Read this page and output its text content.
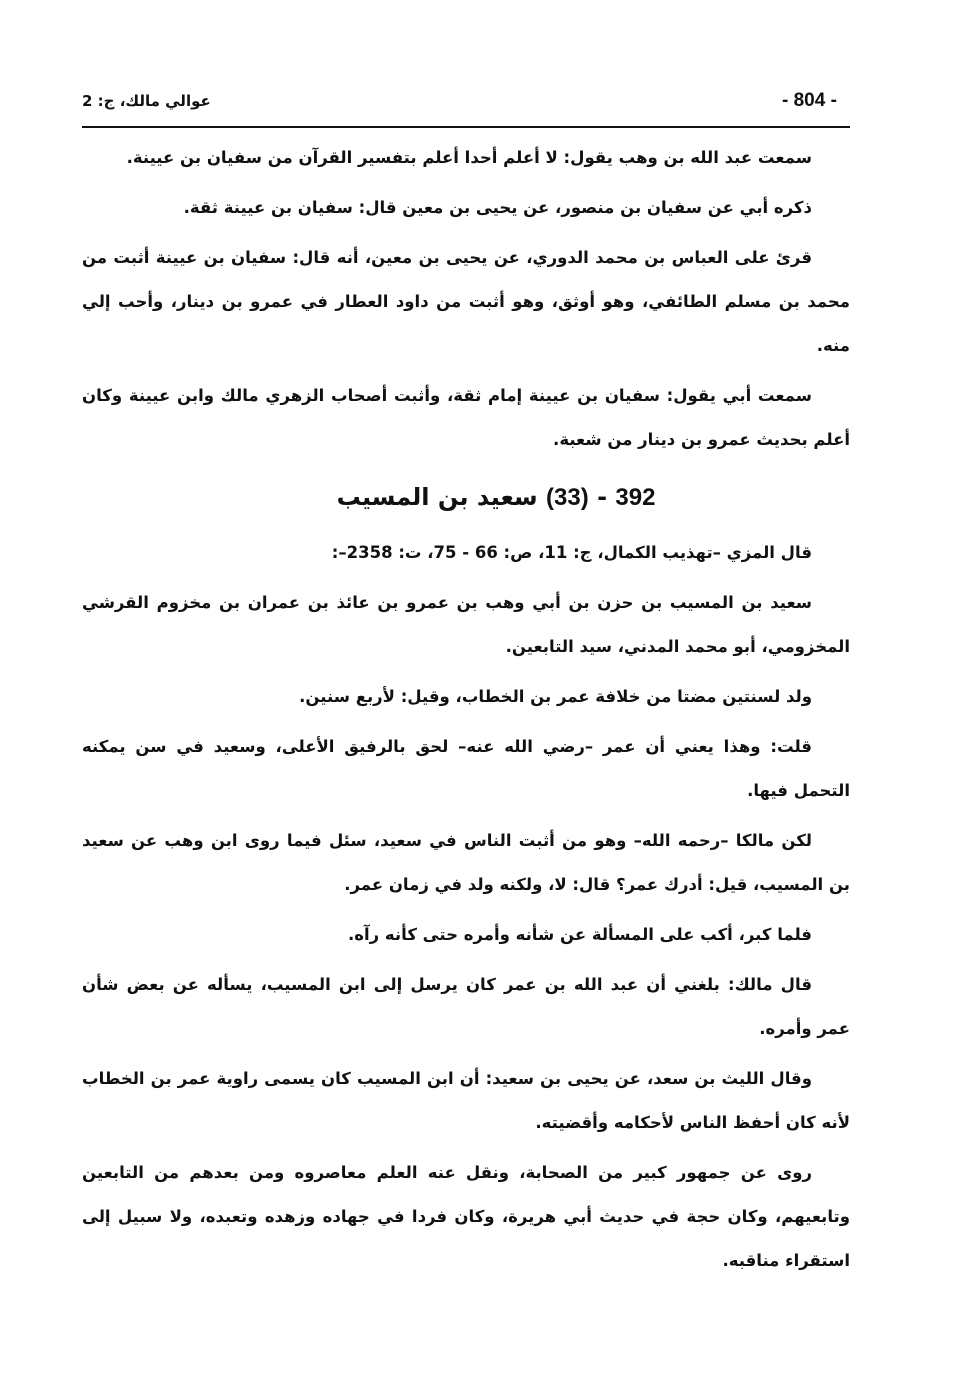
- 804 -
عوالي مالك، ج: 2

سمعت عبد الله بن وهب يقول: لا أعلم أحدا أعلم بتفسير القرآن من سفيان بن عيينة.

ذكره أبي عن سفيان بن منصور، عن يحيى بن معين قال: سفيان بن عيينة ثقة.

قرئ على العباس بن محمد الدوري، عن يحيى بن معين، أنه قال: سفيان بن عيينة أثبت من محمد بن مسلم الطائفي، وهو أوثق، وهو أثبت من داود العطار في عمرو بن دينار، وأحب إلي منه.

سمعت أبي يقول: سفيان بن عيينة إمام ثقة، وأثبت أصحاب الزهري مالك وابن عيينة وكان أعلم بحديث عمرو بن دينار من شعبة.

392 - (33) سعيد بن المسيب

قال المزي –تهذيب الكمال، ج: 11، ص: 66 - 75، ت: 2358–:

سعيد بن المسيب بن حزن بن أبي وهب بن عمرو بن عائذ بن عمران بن مخزوم القرشي المخزومي، أبو محمد المدني، سيد التابعين.

ولد لسنتين مضتا من خلافة عمر بن الخطاب، وقيل: لأربع سنين.

قلت: وهذا يعني أن عمر –رضي الله عنه– لحق بالرفيق الأعلى، وسعيد في سن يمكنه التحمل فيها.

لكن مالكا –رحمه الله– وهو من أثبت الناس في سعيد، سئل فيما روى ابن وهب عن سعيد بن المسيب، قيل: أدرك عمر؟ قال: لا، ولكنه ولد في زمان عمر.

فلما كبر، أكب على المسألة عن شأنه وأمره حتى كأنه رآه.

قال مالك: بلغني أن عبد الله بن عمر كان يرسل إلى ابن المسيب، يسأله عن بعض شأن عمر وأمره.

وقال الليث بن سعد، عن يحيى بن سعيد: أن ابن المسيب كان يسمى راوية عمر بن الخطاب لأنه كان أحفظ الناس لأحكامه وأقضيته.

روى عن جمهور كبير من الصحابة، ونقل عنه العلم معاصروه ومن بعدهم من التابعين وتابعيهم، وكان حجة في حديث أبي هريرة، وكان فردا في جهاده وزهده وتعبده، ولا سبيل إلى استقراء مناقبه.
